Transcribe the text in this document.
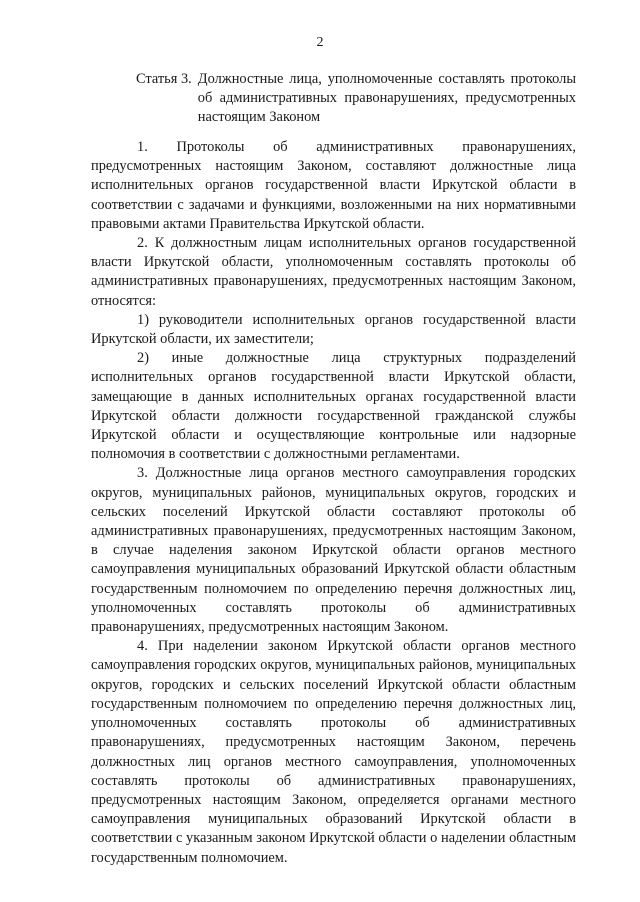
2
Статья 3. Должностные лица, уполномоченные составлять протоколы об административных правонарушениях, предусмотренных настоящим Законом

1. Протоколы об административных правонарушениях, предусмотренных настоящим Законом, составляют должностные лица исполнительных органов государственной власти Иркутской области в соответствии с задачами и функциями, возложенными на них нормативными правовыми актами Правительства Иркутской области.

2. К должностным лицам исполнительных органов государственной власти Иркутской области, уполномоченным составлять протоколы об административных правонарушениях, предусмотренных настоящим Законом, относятся:

1) руководители исполнительных органов государственной власти Иркутской области, их заместители;

2) иные должностные лица структурных подразделений исполнительных органов государственной власти Иркутской области, замещающие в данных исполнительных органах государственной власти Иркутской области должности государственной гражданской службы Иркутской области и осуществляющие контрольные или надзорные полномочия в соответствии с должностными регламентами.

3. Должностные лица органов местного самоуправления городских округов, муниципальных районов, муниципальных округов, городских и сельских поселений Иркутской области составляют протоколы об административных правонарушениях, предусмотренных настоящим Законом, в случае наделения законом Иркутской области органов местного самоуправления муниципальных образований Иркутской области областным государственным полномочием по определению перечня должностных лиц, уполномоченных составлять протоколы об административных правонарушениях, предусмотренных настоящим Законом.

4. При наделении законом Иркутской области органов местного самоуправления городских округов, муниципальных районов, муниципальных округов, городских и сельских поселений Иркутской области областным государственным полномочием по определению перечня должностных лиц, уполномоченных составлять протоколы об административных правонарушениях, предусмотренных настоящим Законом, перечень должностных лиц органов местного самоуправления, уполномоченных составлять протоколы об административных правонарушениях, предусмотренных настоящим Законом, определяется органами местного самоуправления муниципальных образований Иркутской области в соответствии с указанным законом Иркутской области о наделении областным государственным полномочием.
